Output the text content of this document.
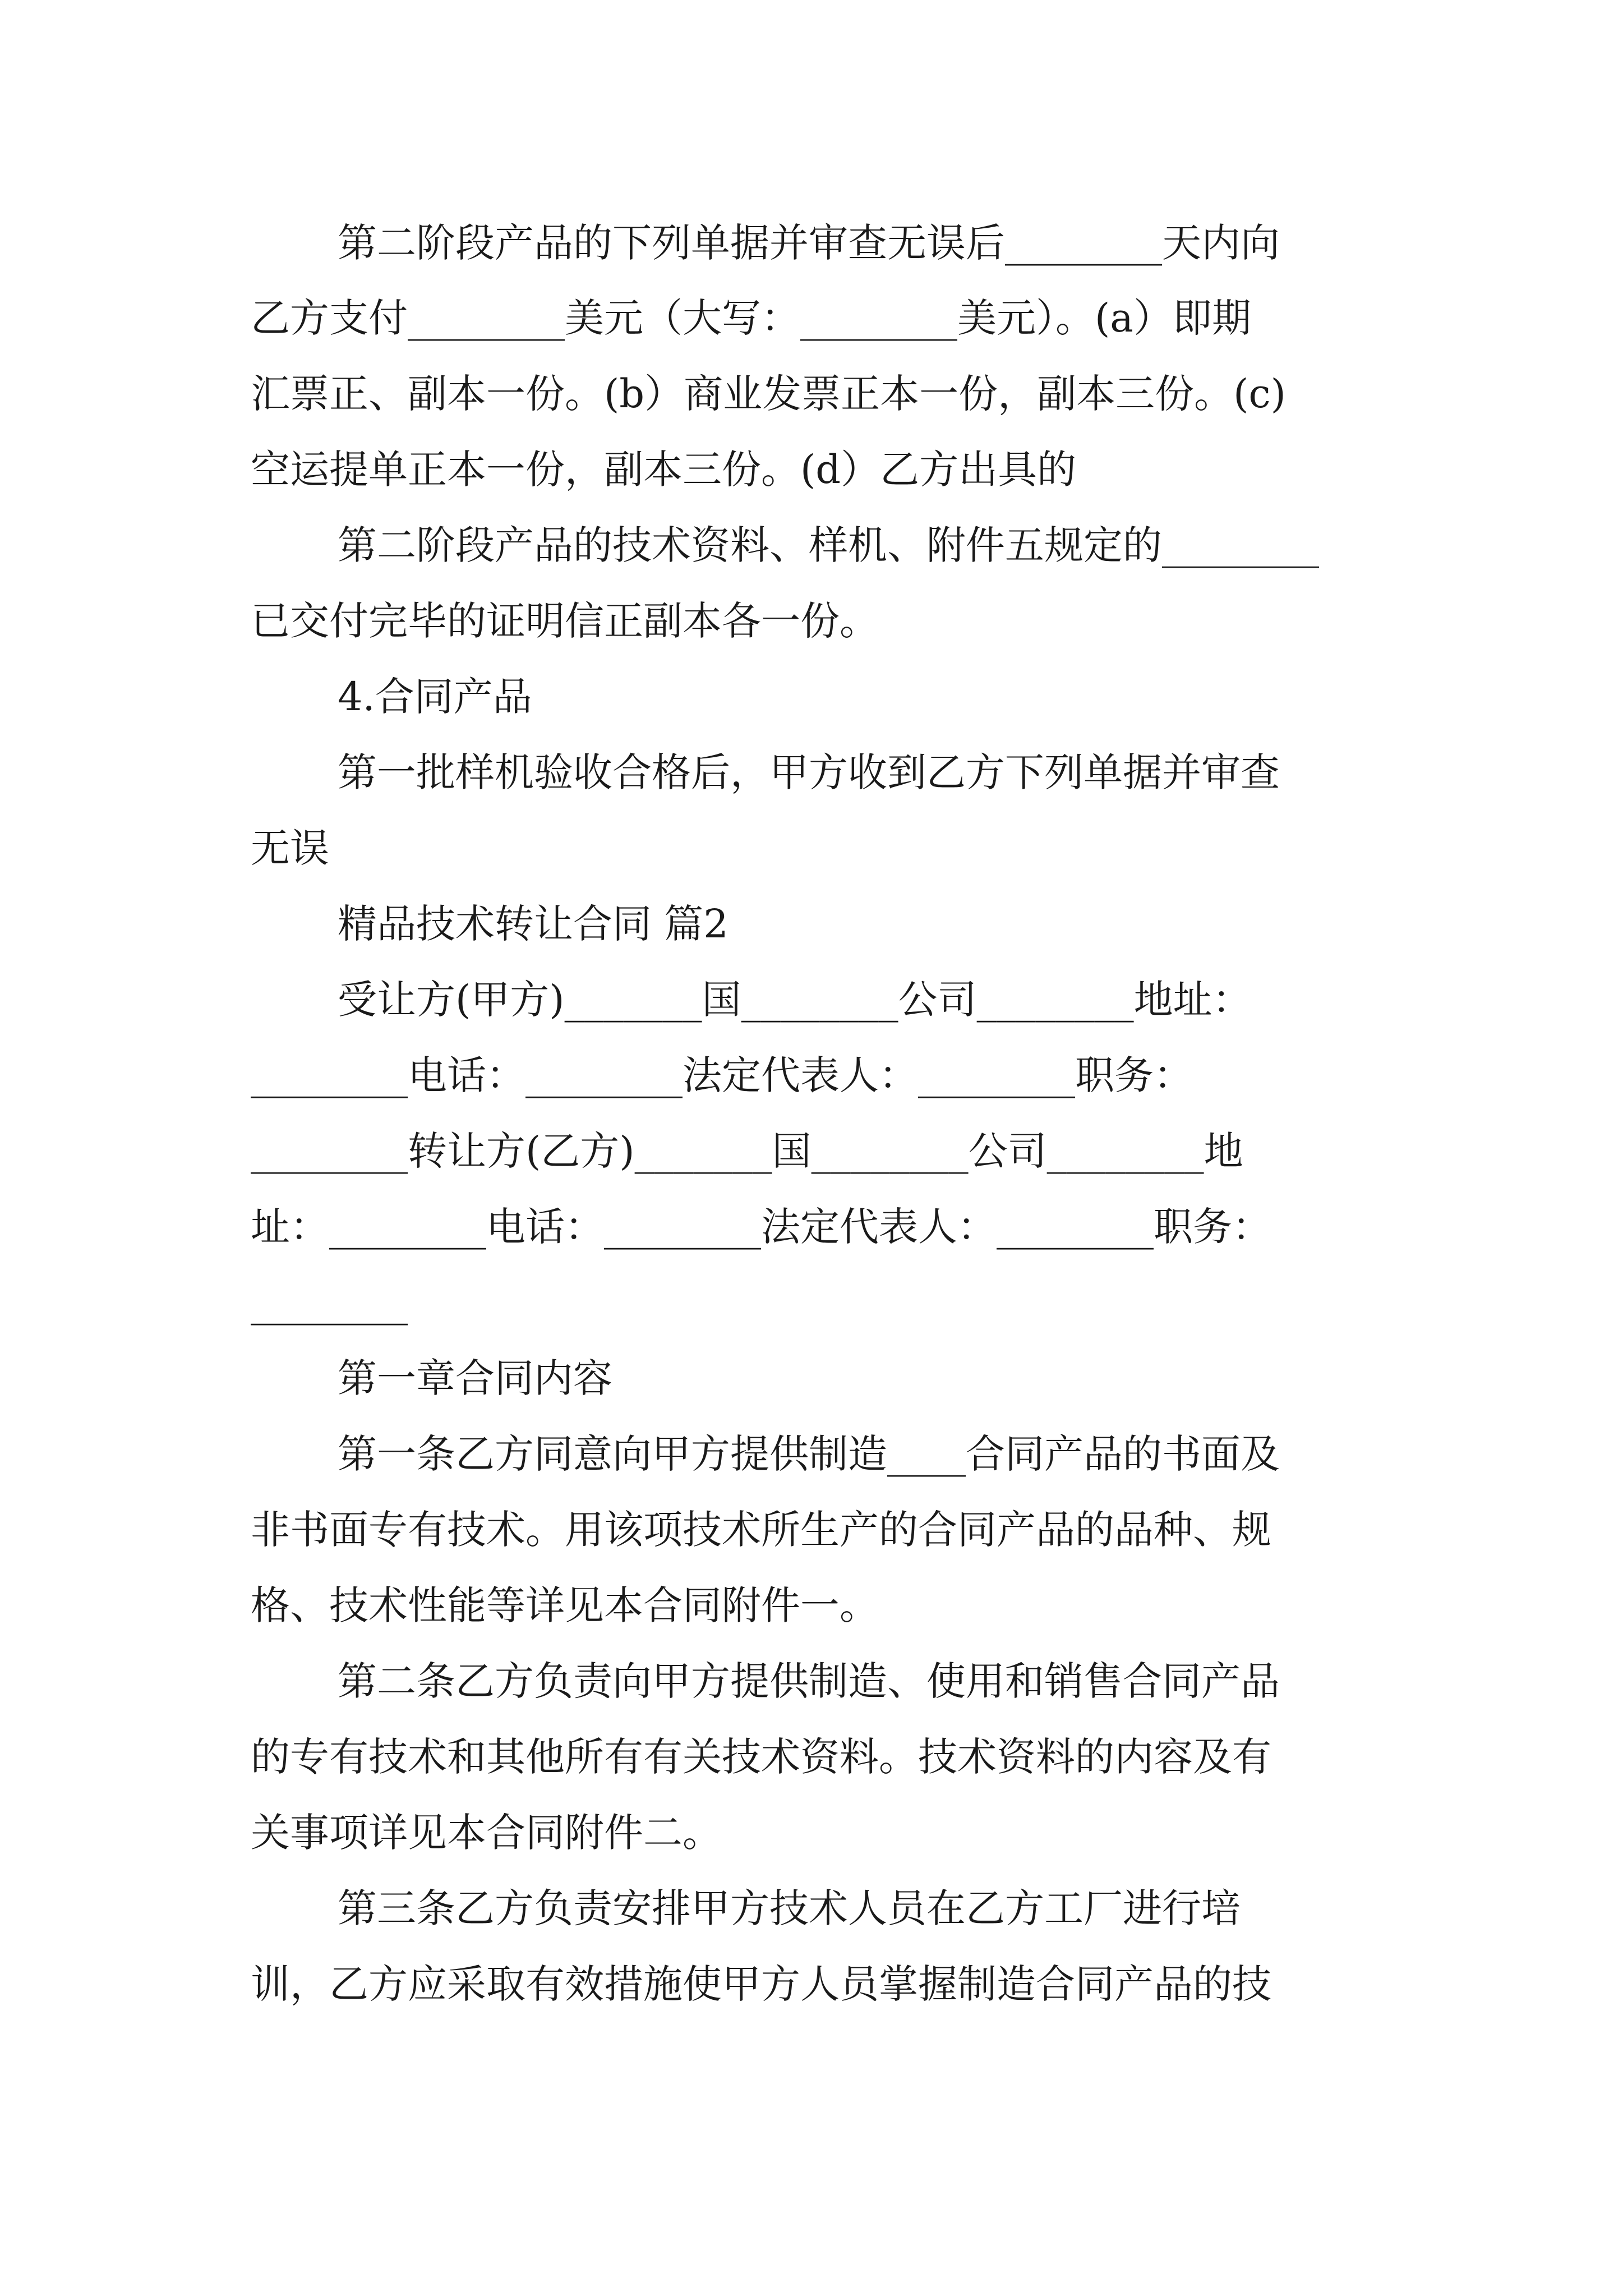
第二阶段产品的下列单据并审查无误后________天内向
乙方支付________美元（大写：________美元）。(a）即期
汇票正、副本一份。(b）商业发票正本一份，副本三份。(c)
空运提单正本一份，副本三份。(d）乙方出具的
第二阶段产品的技术资料、样机、附件五规定的________
已交付完毕的证明信正副本各一份。
4.合同产品
第一批样机验收合格后，甲方收到乙方下列单据并审查
无误
精品技术转让合同 篇2
受让方(甲方)_______国________公司________地址：
________电话：________法定代表人：________职务：
________转让方(乙方)_______国________公司________地
址：________电话：________法定代表人：________职务：
________
第一章合同内容
第一条乙方同意向甲方提供制造____合同产品的书面及
非书面专有技术。用该项技术所生产的合同产品的品种、规
格、技术性能等详见本合同附件一。
第二条乙方负责向甲方提供制造、使用和销售合同产品
的专有技术和其他所有有关技术资料。技术资料的内容及有
关事项详见本合同附件二。
第三条乙方负责安排甲方技术人员在乙方工厂进行培
训，乙方应采取有效措施使甲方人员掌握制造合同产品的技
